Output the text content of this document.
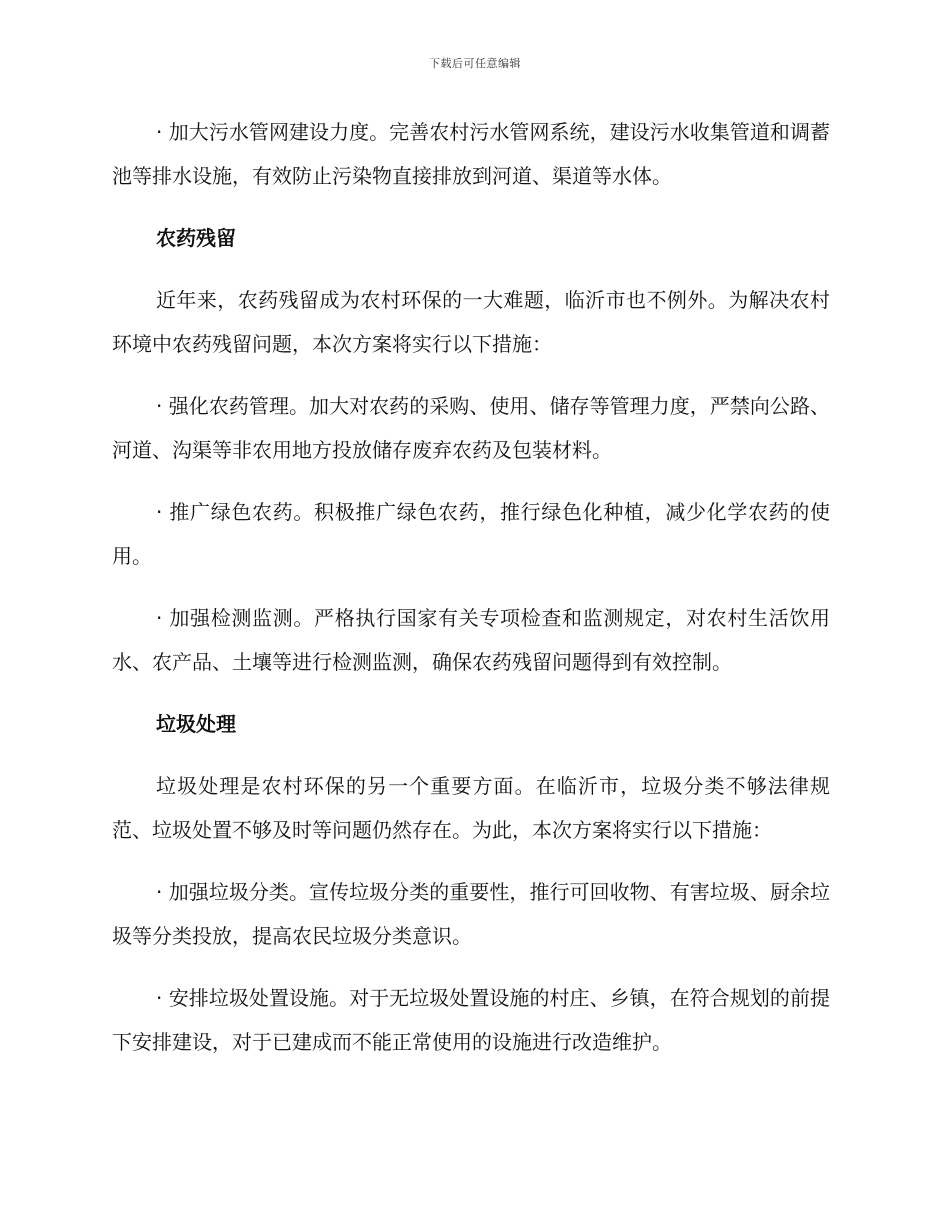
下载后可任意编辑

· 加大污水管网建设力度。完善农村污水管网系统，建设污水收集管道和调蓄池等排水设施，有效防止污染物直接排放到河道、渠道等水体。

农药残留

近年来，农药残留成为农村环保的一大难题，临沂市也不例外。为解决农村环境中农药残留问题，本次方案将实行以下措施：

· 强化农药管理。加大对农药的采购、使用、储存等管理力度，严禁向公路、河道、沟渠等非农用地方投放储存废弃农药及包装材料。

· 推广绿色农药。积极推广绿色农药，推行绿色化种植，减少化学农药的使用。

· 加强检测监测。严格执行国家有关专项检查和监测规定，对农村生活饮用水、农产品、土壤等进行检测监测，确保农药残留问题得到有效控制。

垃圾处理

垃圾处理是农村环保的另一个重要方面。在临沂市，垃圾分类不够法律规范、垃圾处置不够及时等问题仍然存在。为此，本次方案将实行以下措施：

· 加强垃圾分类。宣传垃圾分类的重要性，推行可回收物、有害垃圾、厨余垃圾等分类投放，提高农民垃圾分类意识。

· 安排垃圾处置设施。对于无垃圾处置设施的村庄、乡镇，在符合规划的前提下安排建设，对于已建成而不能正常使用的设施进行改造维护。
